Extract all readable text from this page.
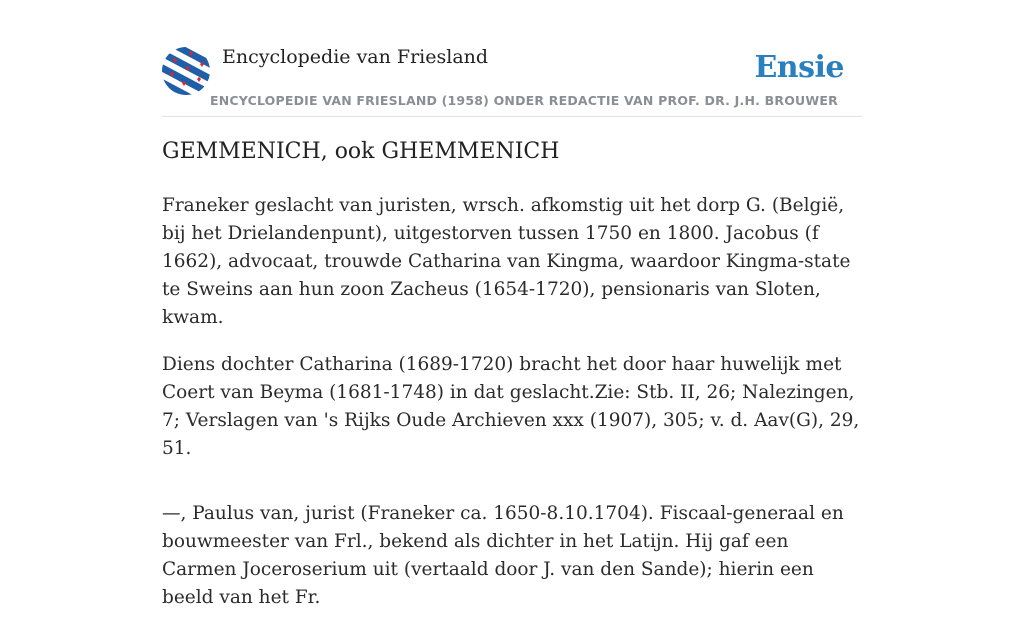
Encyclopedie van Friesland
ENCYCLOPEDIE VAN FRIESLAND (1958) ONDER REDACTIE VAN PROF. DR. J.H. BROUWER
Ensie
GEMMENICH, ook GHEMMENICH

Franeker geslacht van juristen, wrsch. afkomstig uit het dorp G. (België, bij het Drielandenpunt), uitgestorven tussen 1750 en 1800. Jacobus (f 1662), advocaat, trouwde Catharina van Kingma, waardoor Kingma-state te Sweins aan hun zoon Zacheus (1654-1720), pensionaris van Sloten, kwam.

Diens dochter Catharina (1689-1720) bracht het door haar huwelijk met Coert van Beyma (1681-1748) in dat geslacht.Zie: Stb. II, 26; Nalezingen, 7; Verslagen van 's Rijks Oude Archieven xxx (1907), 305; v. d. Aav(G), 29, 51.

—, Paulus van, jurist (Franeker ca. 1650-8.10.1704). Fiscaal-generaal en bouwmeester van Frl., bekend als dichter in het Latijn. Hij gaf een Carmen Joceroserium uit (vertaald door J. van den Sande); hierin een beeld van het Fr.
